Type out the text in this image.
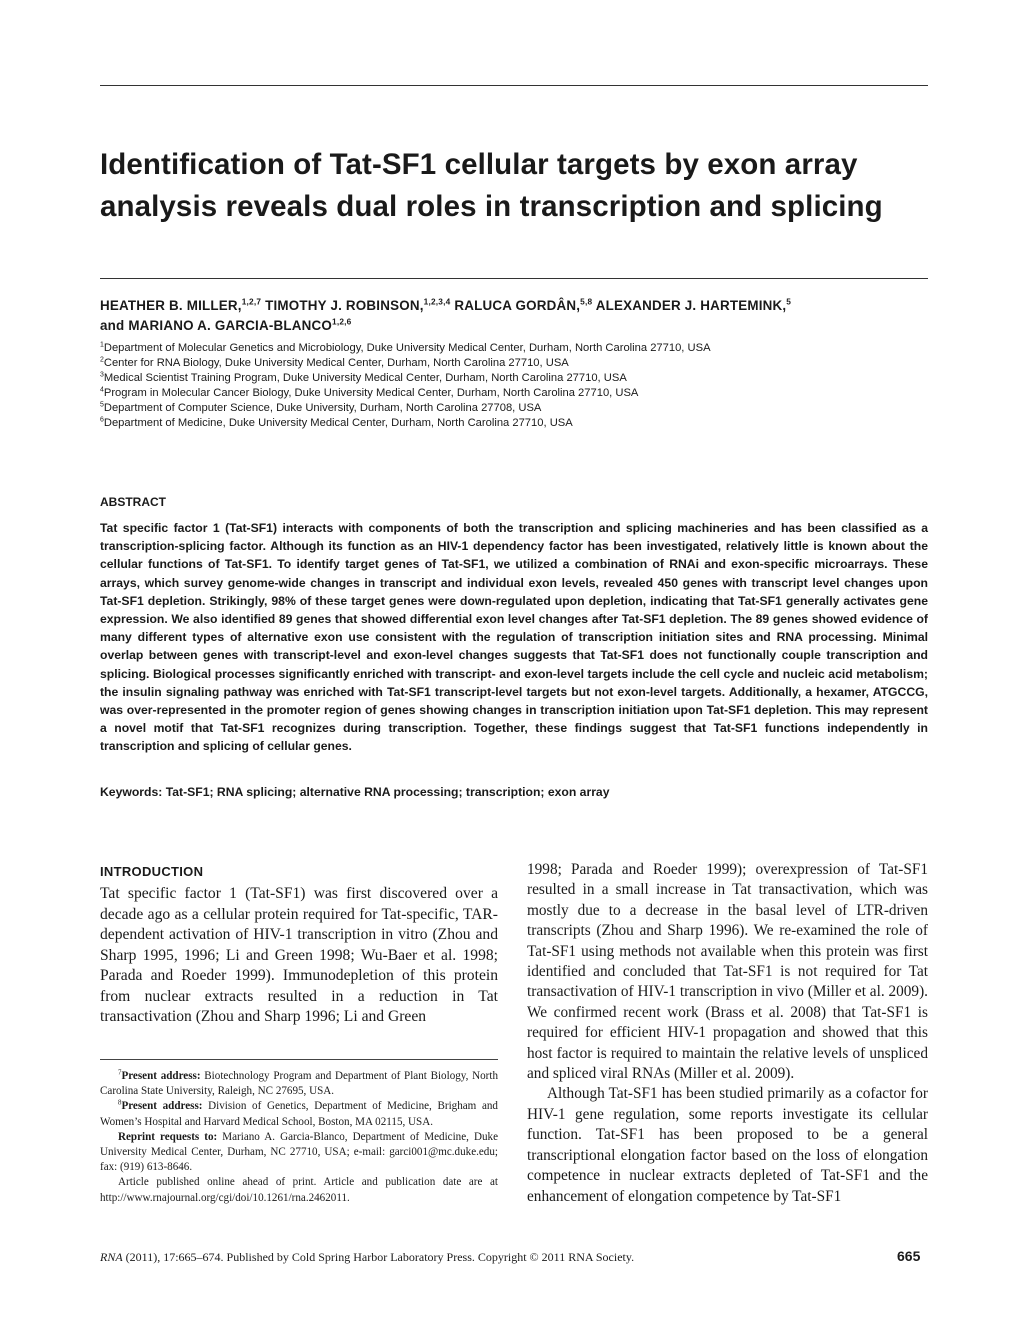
Identification of Tat-SF1 cellular targets by exon array
analysis reveals dual roles in transcription and splicing
HEATHER B. MILLER,$^{1,2,7}$ TIMOTHY J. ROBINSON,$^{1,2,3,4}$ RALUCA GORDÂN,$^{5,8}$ ALEXANDER J. HARTEMINK,$^5$
and MARIANO A. GARCIA-BLANCO$^{1,2,6}$
$^1$Department of Molecular Genetics and Microbiology, Duke University Medical Center, Durham, North Carolina 27710, USA
$^2$Center for RNA Biology, Duke University Medical Center, Durham, North Carolina 27710, USA
$^3$Medical Scientist Training Program, Duke University Medical Center, Durham, North Carolina 27710, USA
$^4$Program in Molecular Cancer Biology, Duke University Medical Center, Durham, North Carolina 27710, USA
$^5$Department of Computer Science, Duke University, Durham, North Carolina 27708, USA
$^6$Department of Medicine, Duke University Medical Center, Durham, North Carolina 27710, USA
ABSTRACT

Tat specific factor 1 (Tat-SF1) interacts with components of both the transcription and splicing machineries and has been classified as a transcription-splicing factor. Although its function as an HIV-1 dependency factor has been investigated, relatively little is known about the cellular functions of Tat-SF1. To identify target genes of Tat-SF1, we utilized a combination of RNAi and exon-specific microarrays. These arrays, which survey genome-wide changes in transcript and individual exon levels, revealed 450 genes with transcript level changes upon Tat-SF1 depletion. Strikingly, 98% of these target genes were down-regulated upon depletion, indicating that Tat-SF1 generally activates gene expression. We also identified 89 genes that showed differential exon level changes after Tat-SF1 depletion. The 89 genes showed evidence of many different types of alternative exon use consistent with the regulation of transcription initiation sites and RNA processing. Minimal overlap between genes with transcript-level and exon-level changes suggests that Tat-SF1 does not functionally couple transcription and splicing. Biological processes significantly enriched with transcript- and exon-level targets include the cell cycle and nucleic acid metabolism; the insulin signaling pathway was enriched with Tat-SF1 transcript-level targets but not exon-level targets. Additionally, a hexamer, ATGCCG, was over-represented in the promoter region of genes showing changes in transcription initiation upon Tat-SF1 depletion. This may represent a novel motif that Tat-SF1 recognizes during transcription. Together, these findings suggest that Tat-SF1 functions independently in transcription and splicing of cellular genes.

Keywords: Tat-SF1; RNA splicing; alternative RNA processing; transcription; exon array
INTRODUCTION

Tat specific factor 1 (Tat-SF1) was first discovered over a decade ago as a cellular protein required for Tat-specific, TAR-dependent activation of HIV-1 transcription in vitro (Zhou and Sharp 1995, 1996; Li and Green 1998; Wu-Baer et al. 1998; Parada and Roeder 1999). Immunodepletion of this protein from nuclear extracts resulted in a reduction in Tat transactivation (Zhou and Sharp 1996; Li and Green

$^7$Present address: Biotechnology Program and Department of Plant Biology, North Carolina State University, Raleigh, NC 27695, USA.

$^8$Present address: Division of Genetics, Department of Medicine, Brigham and Women’s Hospital and Harvard Medical School, Boston, MA 02115, USA.

Reprint requests to: Mariano A. Garcia-Blanco, Department of Medicine, Duke University Medical Center, Durham, NC 27710, USA; e-mail: garci001@mc.duke.edu; fax: (919) 613-8646.

Article published online ahead of print. Article and publication date are at http://www.rnajournal.org/cgi/doi/10.1261/rna.2462011.

1998; Parada and Roeder 1999); overexpression of Tat-SF1 resulted in a small increase in Tat transactivation, which was mostly due to a decrease in the basal level of LTR-driven transcripts (Zhou and Sharp 1996). We re-examined the role of Tat-SF1 using methods not available when this protein was first identified and concluded that Tat-SF1 is not required for Tat transactivation of HIV-1 transcription in vivo (Miller et al. 2009). We confirmed recent work (Brass et al. 2008) that Tat-SF1 is required for efficient HIV-1 propagation and showed that this host factor is required to maintain the relative levels of unspliced and spliced viral RNAs (Miller et al. 2009).

Although Tat-SF1 has been studied primarily as a cofactor for HIV-1 gene regulation, some reports investigate its cellular function. Tat-SF1 has been proposed to be a general transcriptional elongation factor based on the loss of elongation competence in nuclear extracts depleted of Tat-SF1 and the enhancement of elongation competence by Tat-SF1

RNA (2011), 17:665–674. Published by Cold Spring Harbor Laboratory Press. Copyright © 2011 RNA Society.	665
